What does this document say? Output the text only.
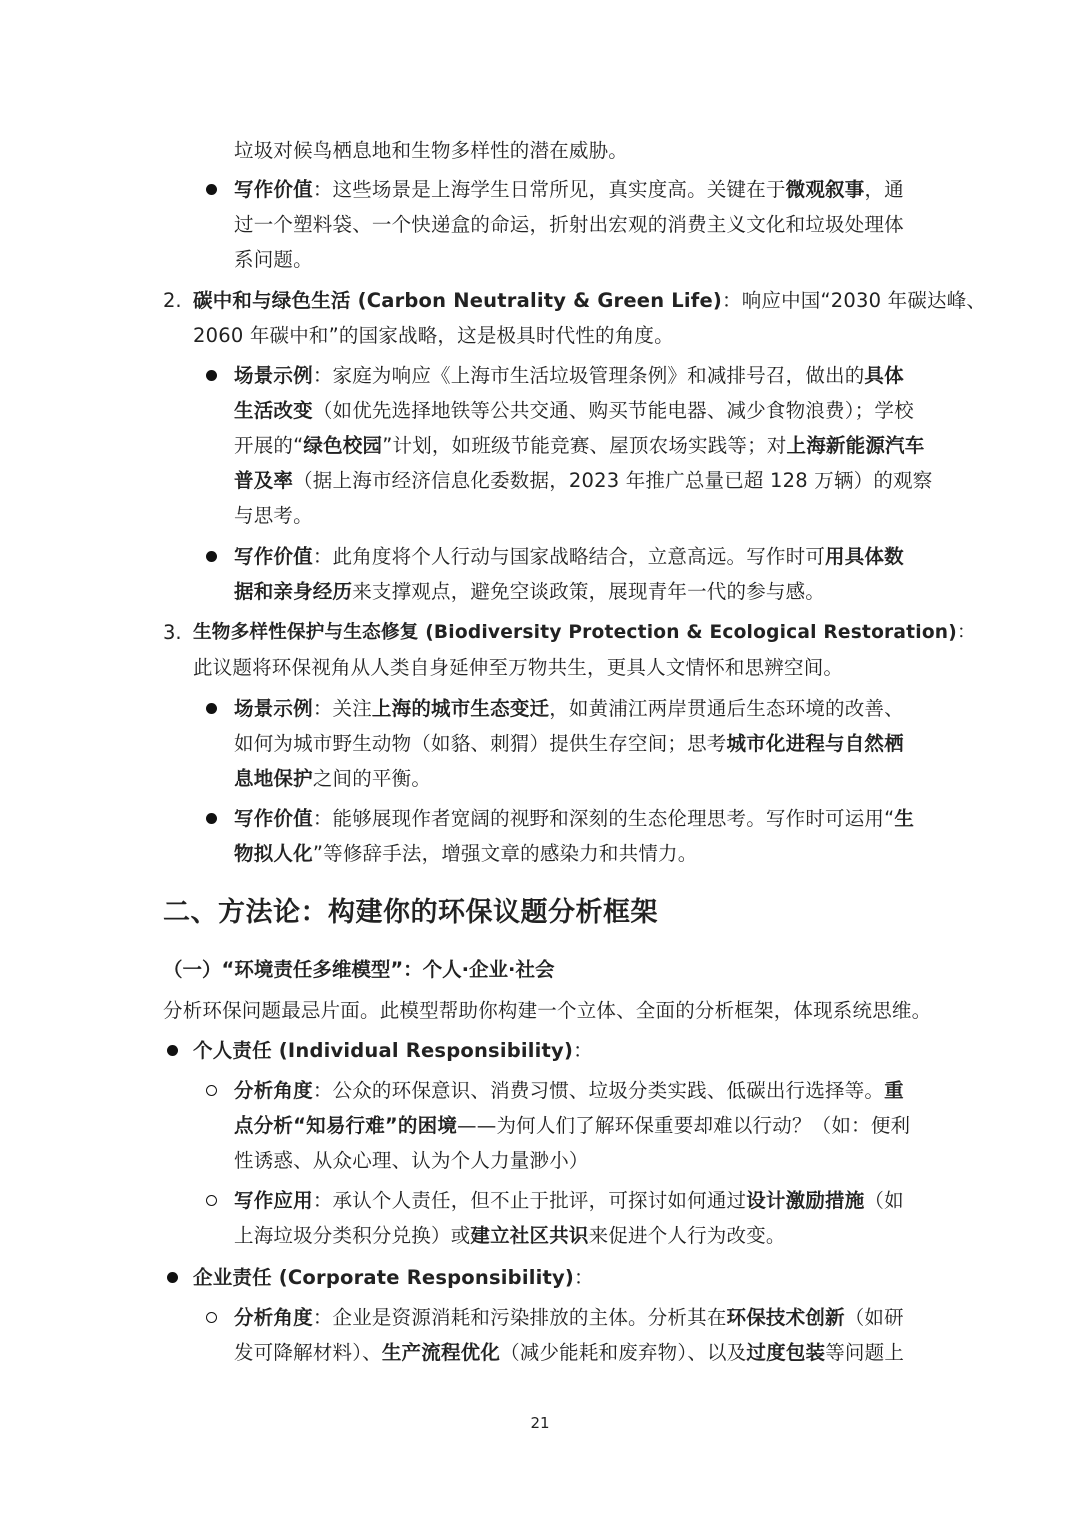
垃圾对候鸟栖息地和生物多样性的潜在威胁。
写作价值：这些场景是上海学生日常所见，真实度高。关键在于微观叙事，通
过一个塑料袋、一个快递盒的命运，折射出宏观的消费主义文化和垃圾处理体
系问题。
2. 碳中和与绿色生活 (Carbon Neutrality & Green Life)：响应中国“2030 年碳达峰、
2060 年碳中和”的国家战略，这是极具时代性的角度。
场景示例：家庭为响应《上海市生活垃圾管理条例》和减排号召，做出的具体
生活改变（如优先选择地铁等公共交通、购买节能电器、减少食物浪费）；学校
开展的“绿色校园”计划，如班级节能竞赛、屋顶农场实践等；对上海新能源汽车
普及率（据上海市经济信息化委数据，2023 年推广总量已超 128 万辆）的观察
与思考。
写作价值：此角度将个人行动与国家战略结合，立意高远。写作时可用具体数
据和亲身经历来支撑观点，避免空谈政策，展现青年一代的参与感。
3. 生物多样性保护与生态修复 (Biodiversity Protection & Ecological Restoration)：
此议题将环保视角从人类自身延伸至万物共生，更具人文情怀和思辨空间。
场景示例：关注上海的城市生态变迁，如黄浦江两岸贯通后生态环境的改善、
如何为城市野生动物（如貉、刺猬）提供生存空间；思考城市化进程与自然栖
息地保护之间的平衡。
写作价值：能够展现作者宽阔的视野和深刻的生态伦理思考。写作时可运用“生
物拟人化”等修辞手法，增强文章的感染力和共情力。
二、方法论：构建你的环保议题分析框架
（一）“环境责任多维模型”：个人·企业·社会
分析环保问题最忌片面。此模型帮助你构建一个立体、全面的分析框架，体现系统思维。
个人责任 (Individual Responsibility)：
分析角度：公众的环保意识、消费习惯、垃圾分类实践、低碳出行选择等。重
点分析“知易行难”的困境——为何人们了解环保重要却难以行动？（如：便利
性诱惑、从众心理、认为个人力量渺小）
写作应用：承认个人责任，但不止于批评，可探讨如何通过设计激励措施（如
上海垃圾分类积分兑换）或建立社区共识来促进个人行为改变。
企业责任 (Corporate Responsibility)：
分析角度：企业是资源消耗和污染排放的主体。分析其在环保技术创新（如研
发可降解材料）、生产流程优化（减少能耗和废弃物）、以及过度包装等问题上
21
